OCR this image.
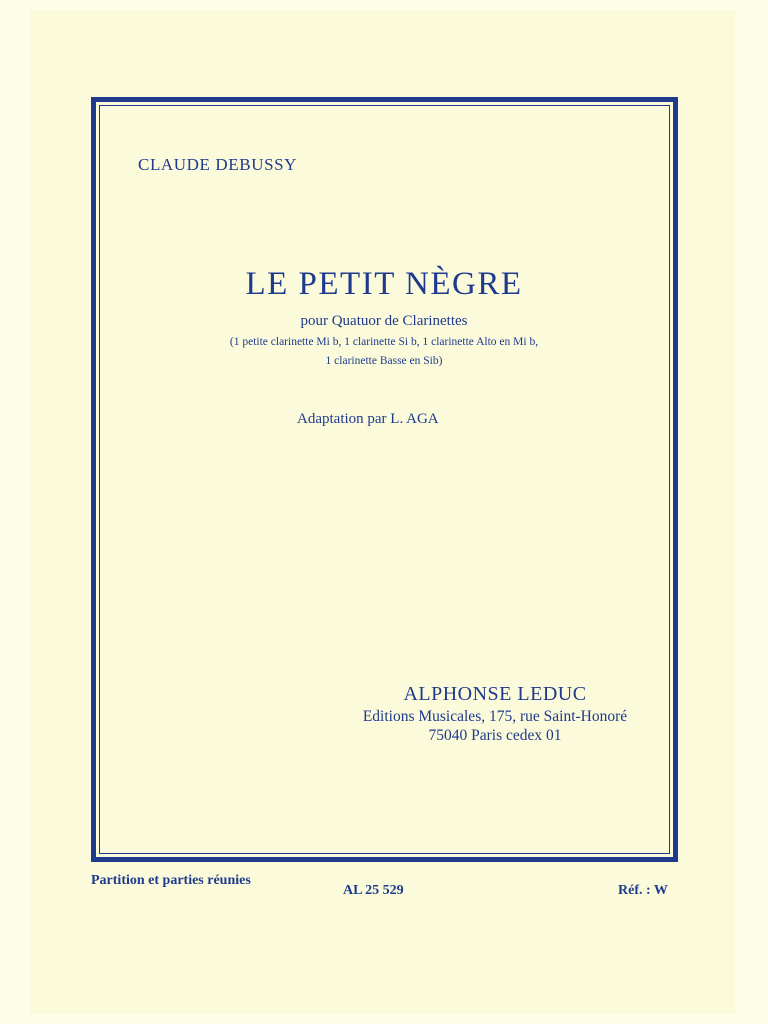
CLAUDE DEBUSSY
LE PETIT NÈGRE
pour Quatuor de Clarinettes
(1 petite clarinette Mi b, 1 clarinette Si b, 1 clarinette Alto en Mi b,
1 clarinette Basse en Sib)
Adaptation par L. AGA
ALPHONSE LEDUC
Editions Musicales, 175, rue Saint-Honoré
75040 Paris cedex 01
Partition et parties réunies
AL 25 529	Réf. : W
